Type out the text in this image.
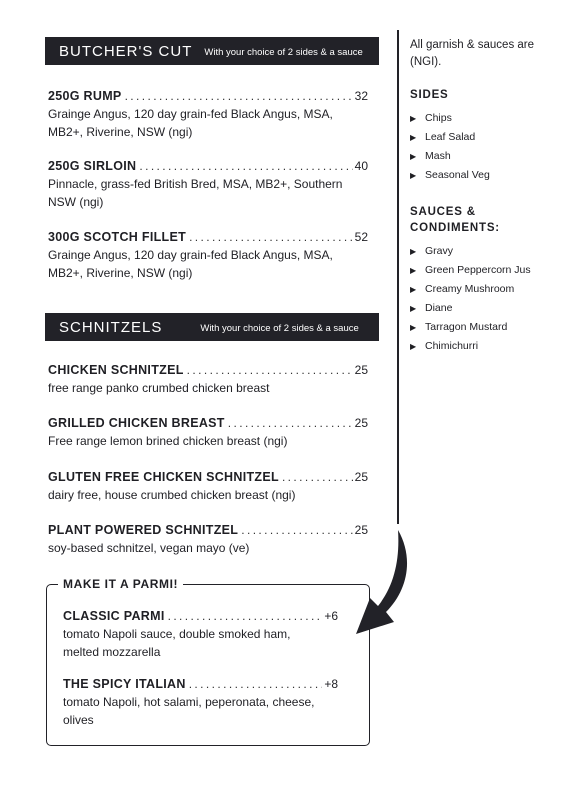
BUTCHER'S CUT With your choice of 2 sides & a sauce
250G RUMP .....	32
Grainge Angus, 120 day grain-fed Black Angus, MSA, MB2+, Riverine, NSW (ngi)
250G SIRLOIN .....	40
Pinnacle, grass-fed British Bred, MSA, MB2+, Southern NSW (ngi)
300G SCOTCH FILLET .....	52
Grainge Angus, 120 day grain-fed Black Angus, MSA, MB2+, Riverine, NSW (ngi)
SCHNITZELS	With your choice of 2 sides & a sauce
CHICKEN SCHNITZEL .....	25
free range panko crumbed chicken breast
GRILLED CHICKEN BREAST .....	25
Free range lemon brined chicken breast (ngi)
GLUTEN FREE CHICKEN SCHNITZEL .....	25
dairy free, house crumbed chicken breast (ngi)
PLANT POWERED SCHNITZEL .....	25
soy-based schnitzel, vegan mayo (ve)
MAKE IT A PARMI!
CLASSIC PARMI .....	+6
tomato Napoli sauce, double smoked ham, melted mozzarella
THE SPICY ITALIAN .....	+8
tomato Napoli, hot salami, peperonata, cheese, olives
All garnish & sauces are (NGI).
SIDES
▶ Chips
▶ Leaf Salad
▶ Mash
▶ Seasonal Veg
SAUCES & CONDIMENTS:
▶ Gravy
▶ Green Peppercorn Jus
▶ Creamy Mushroom
▶ Diane
▶ Tarragon Mustard
▶ Chimichurri
